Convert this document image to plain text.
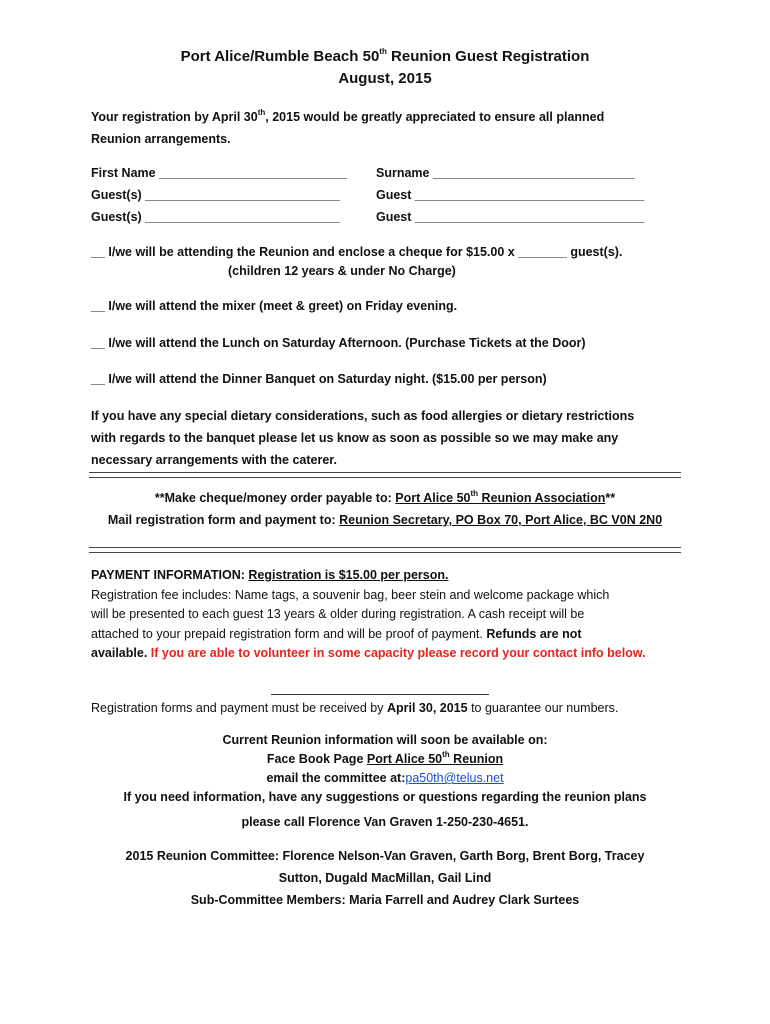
Port Alice/Rumble Beach 50th Reunion Guest Registration
August, 2015
Your registration by April 30th, 2015 would be greatly appreciated to ensure all planned
Reunion arrangements.
First Name ___________________________ Surname _____________________________
Guest(s) ____________________________	Guest _________________________________
Guest(s) ____________________________	Guest _________________________________
__ I/we will be attending the Reunion and enclose a cheque for $15.00 x _______ guest(s).
(children 12 years & under No Charge)
__ I/we will attend the mixer (meet & greet) on Friday evening.
__ I/we will attend the Lunch on Saturday Afternoon. (Purchase Tickets at the Door)
__ I/we will attend the Dinner Banquet on Saturday night. ($15.00 per person)
If you have any special dietary considerations, such as food allergies or dietary restrictions
with regards to the banquet please let us know as soon as possible so we may make any
necessary arrangements with the caterer.
**Make cheque/money order payable to: Port Alice 50th Reunion Association**
Mail registration form and payment to: Reunion Secretary, PO Box 70, Port Alice, BC V0N 2N0
PAYMENT INFORMATION: Registration is $15.00 per person.
Registration fee includes: Name tags, a souvenir bag, beer stein and welcome package which
will be presented to each guest 13 years & older during registration. A cash receipt will be
attached to your prepaid registration form and will be proof of payment. Refunds are not
available. If you are able to volunteer in some capacity please record your contact info below.
Registration forms and payment must be received by April 30, 2015 to guarantee our numbers.
Current Reunion information will soon be available on:
Face Book Page Port Alice 50th Reunion
email the committee at:pa50th@telus.net
If you need information, have any suggestions or questions regarding the reunion plans
please call Florence Van Graven 1-250-230-4651.
2015 Reunion Committee: Florence Nelson-Van Graven, Garth Borg, Brent Borg, Tracey
Sutton, Dugald MacMillan, Gail Lind
Sub-Committee Members: Maria Farrell and Audrey Clark Surtees
